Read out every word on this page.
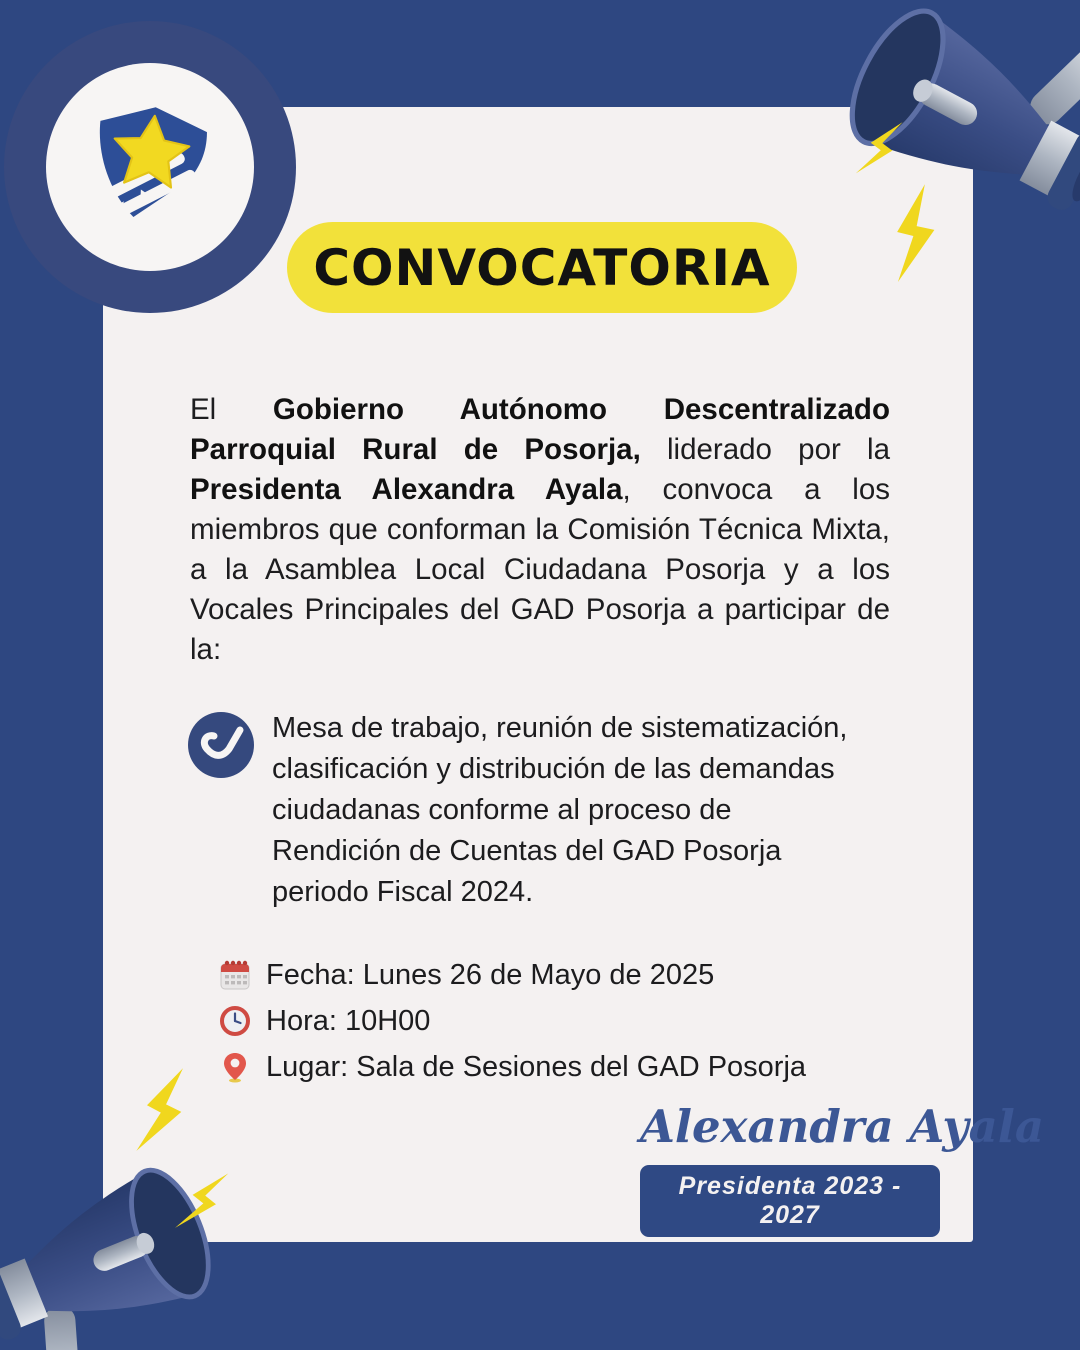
CONVOCATORIA

El Gobierno Autónomo Descentralizado Parroquial Rural de Posorja, liderado por la Presidenta Alexandra Ayala, convoca a los miembros que conforman la Comisión Técnica Mixta, a la Asamblea Local Ciudadana Posorja y a los Vocales Principales del GAD Posorja a participar de la:

Mesa de trabajo, reunión de sistematización,
clasificación y distribución de las demandas
ciudadanas conforme al proceso de
Rendición de Cuentas del GAD Posorja
periodo Fiscal 2024.
Fecha: Lunes 26 de Mayo de 2025
Hora: 10H00
Lugar: Sala de Sesiones del GAD Posorja
Alexandra Ayala
Presidenta 2023 - 2027
